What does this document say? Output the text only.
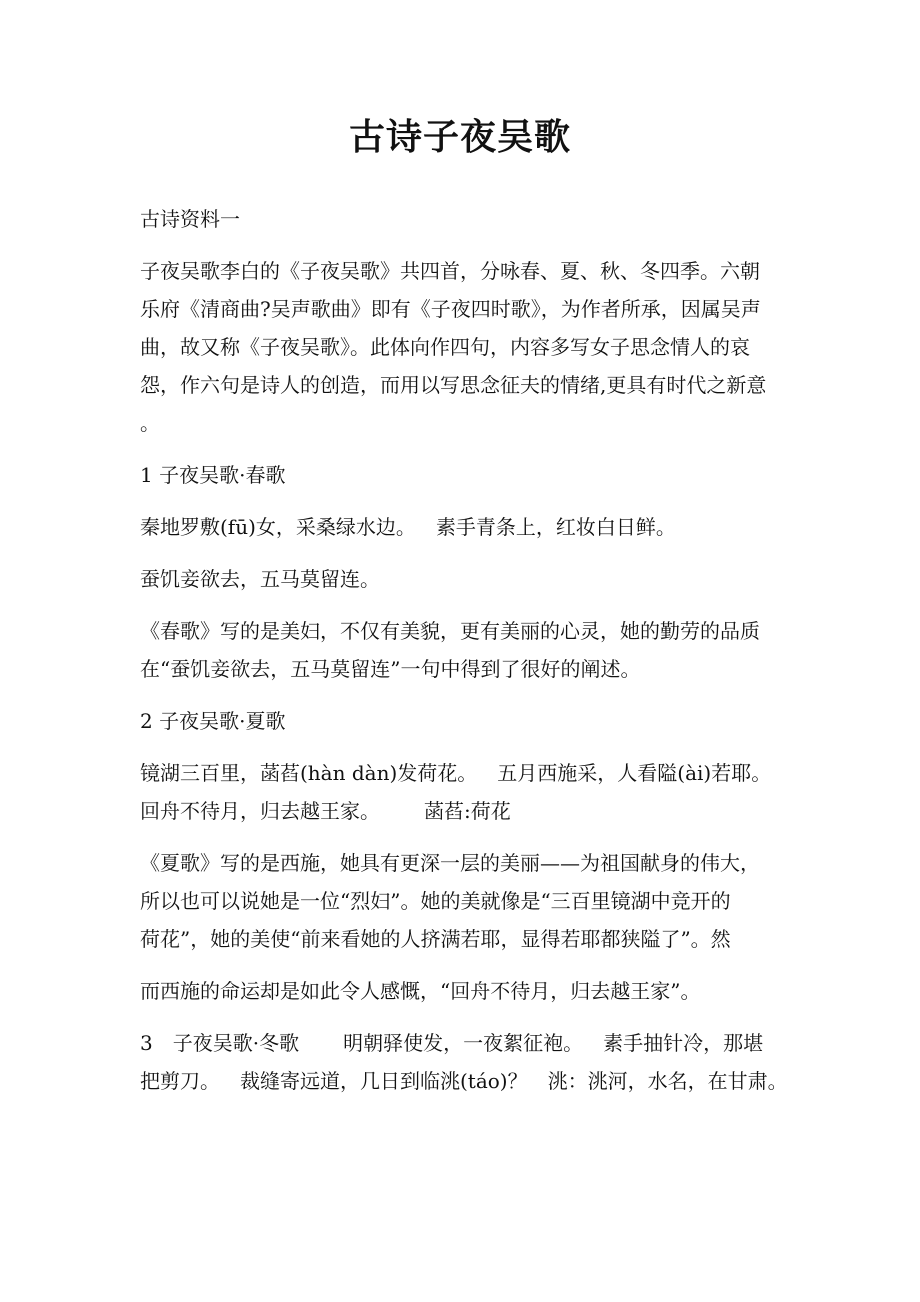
古诗子夜吴歌

古诗资料一

子夜吴歌李白的《子夜吴歌》共四首，分咏春、夏、秋、冬四季。六朝
乐府《清商曲?吴声歌曲》即有《子夜四时歌》，为作者所承，因属吴声
曲，故又称《子夜吴歌》。此体向作四句，内容多写女子思念情人的哀
怨，作六句是诗人的创造，而用以写思念征夫的情绪,更具有时代之新意
。

1 子夜吴歌·春歌

秦地罗敷(fū)女，采桑绿水边。 素手青条上，红妆白日鲜。

蚕饥妾欲去，五马莫留连。

《春歌》写的是美妇，不仅有美貌，更有美丽的心灵，她的勤劳的品质
在“蚕饥妾欲去，五马莫留连”一句中得到了很好的阐述。

2 子夜吴歌·夏歌

镜湖三百里，菡萏(hàn dàn)发荷花。 五月西施采，人看隘(ài)若耶。
回舟不待月，归去越王家。 菡萏:荷花

《夏歌》写的是西施，她具有更深一层的美丽——为祖国献身的伟大，
所以也可以说她是一位“烈妇”。她的美就像是“三百里镜湖中竞开的
荷花”，她的美使“前来看她的人挤满若耶，显得若耶都狭隘了”。然

而西施的命运却是如此令人感慨，“回舟不待月，归去越王家”。

3　子夜吴歌·冬歌 明朝驿使发，一夜絮征袍。 素手抽针冷，那堪
把剪刀。 裁缝寄远道，几日到临洮(táo)？ 洮：洮河，水名，在甘肃。
